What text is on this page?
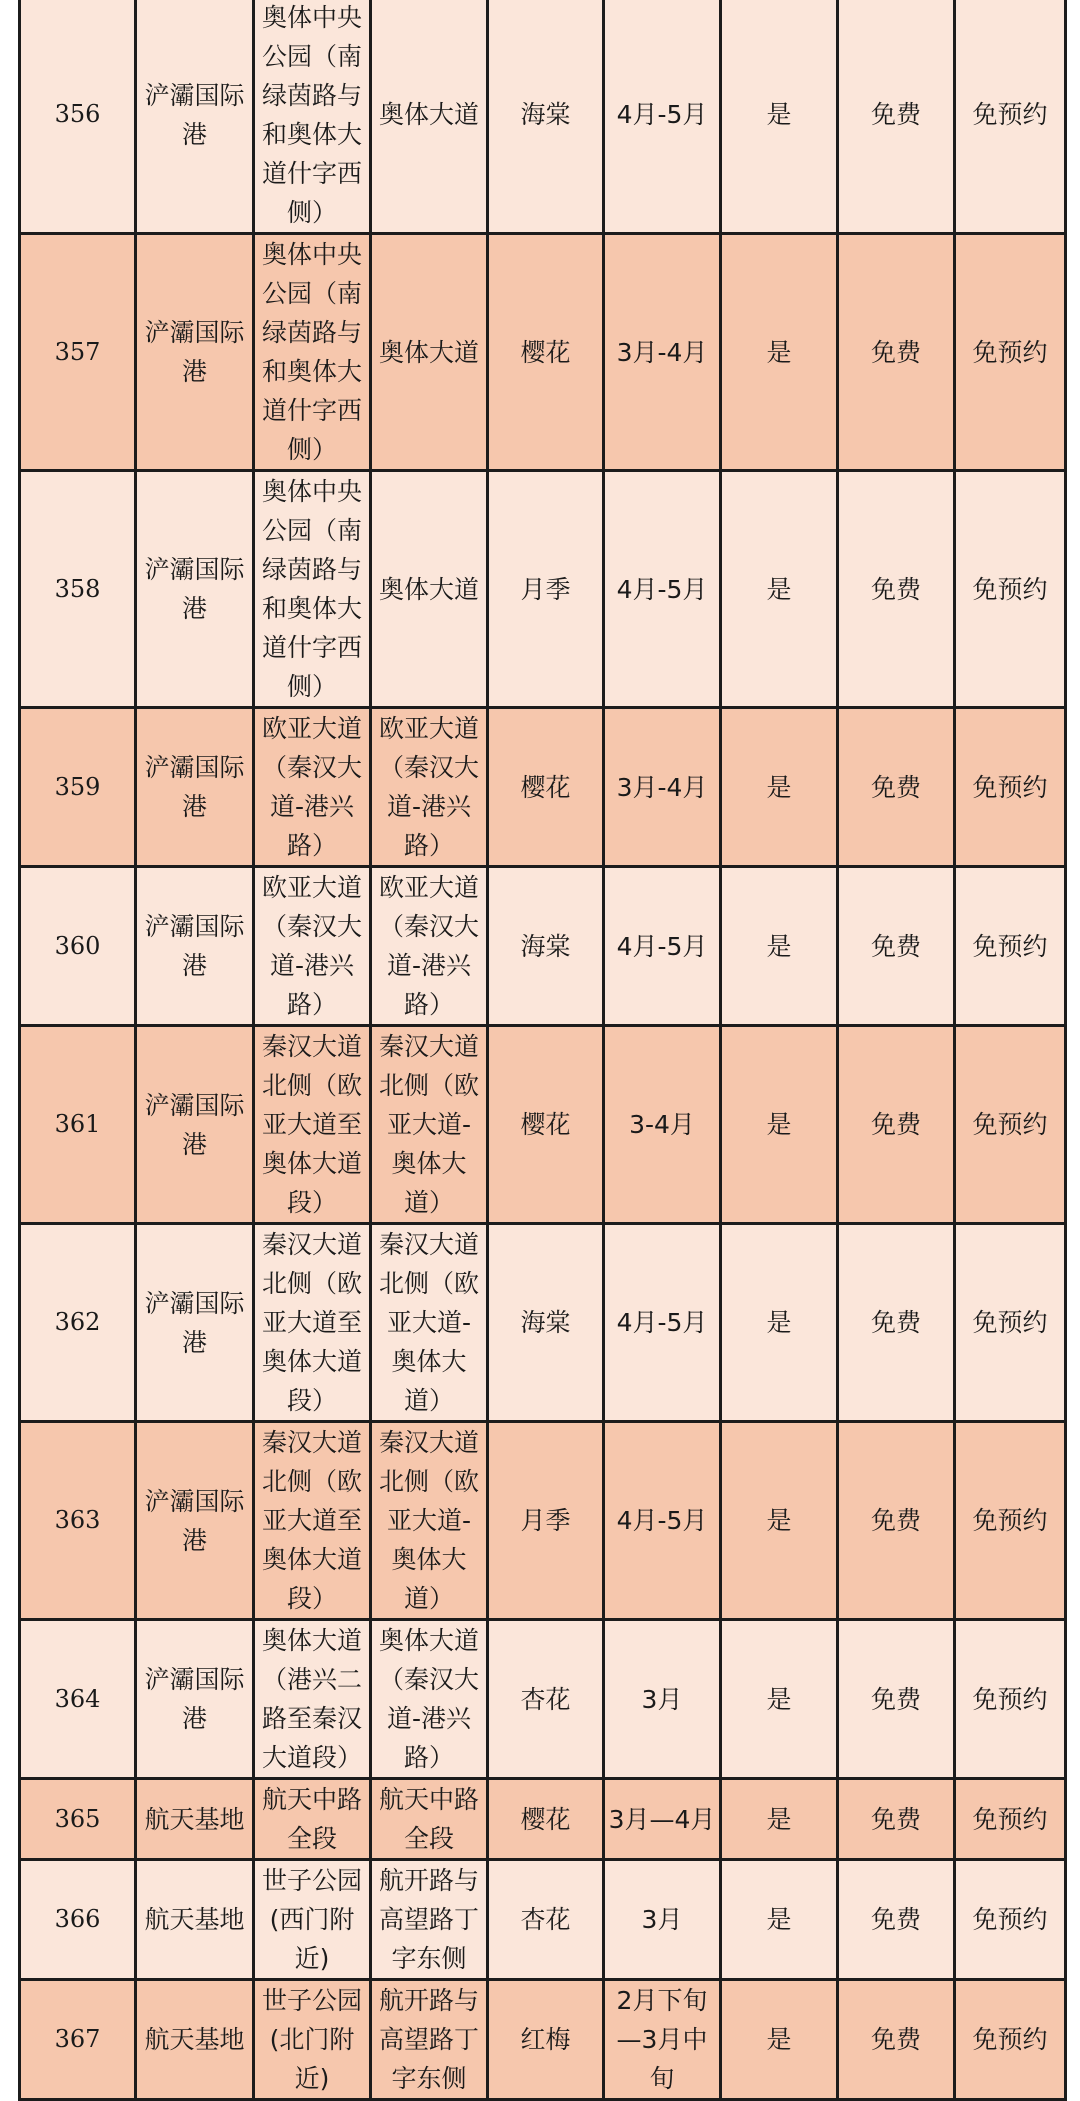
356	浐灞国际港	奥体中央公园（南绿茵路与和奥体大道什字西侧）	奥体大道	海棠	4月-5月	是	免费	免预约
357	浐灞国际港	奥体中央公园（南绿茵路与和奥体大道什字西侧）	奥体大道	樱花	3月-4月	是	免费	免预约
358	浐灞国际港	奥体中央公园（南绿茵路与和奥体大道什字西侧）	奥体大道	月季	4月-5月	是	免费	免预约
359	浐灞国际港	欧亚大道（秦汉大道-港兴路）	欧亚大道（秦汉大道-港兴路）	樱花	3月-4月	是	免费	免预约
360	浐灞国际港	欧亚大道（秦汉大道-港兴路）	欧亚大道（秦汉大道-港兴路）	海棠	4月-5月	是	免费	免预约
361	浐灞国际港	秦汉大道北侧（欧亚大道至奥体大道段）	秦汉大道北侧（欧亚大道-奥体大道）	樱花	3-4月	是	免费	免预约
362	浐灞国际港	秦汉大道北侧（欧亚大道至奥体大道段）	秦汉大道北侧（欧亚大道-奥体大道）	海棠	4月-5月	是	免费	免预约
363	浐灞国际港	秦汉大道北侧（欧亚大道至奥体大道段）	秦汉大道北侧（欧亚大道-奥体大道）	月季	4月-5月	是	免费	免预约
364	浐灞国际港	奥体大道（港兴二路至秦汉大道段）	奥体大道（秦汉大道-港兴路）	杏花	3月	是	免费	免预约
365	航天基地	航天中路全段	航天中路全段	樱花	3月—4月	是	免费	免预约
366	航天基地	世子公园(西门附近)	航开路与高望路丁字东侧	杏花	3月	是	免费	免预约
367	航天基地	世子公园(北门附近)	航开路与高望路丁字东侧	红梅	2月下旬—3月中旬	是	免费	免预约
